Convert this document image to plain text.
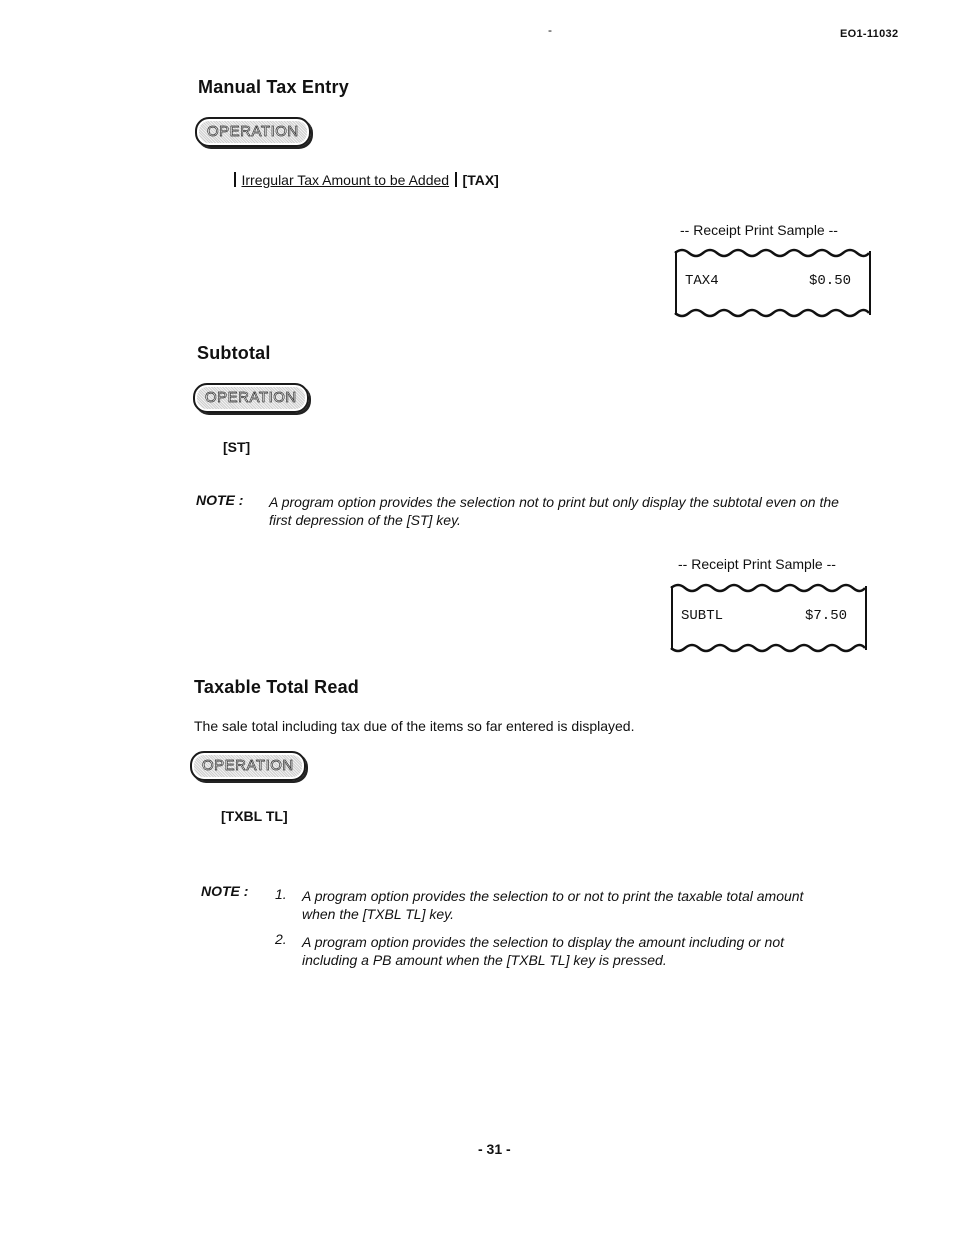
-	EO1-11032
Manual Tax Entry
OPERATION
Irregular Tax Amount to be Added [TAX]
-- Receipt Print Sample --
TAX4	$0.50
Subtotal
OPERATION
[ST]
NOTE : A program option provides the selection not to print but only display the subtotal even on the first depression of the [ST] key.
-- Receipt Print Sample --
SUBTL	$7.50
Taxable Total Read
The sale total including tax due of the items so far entered is displayed.
OPERATION
[TXBL TL]
NOTE : 1. A program option provides the selection to or not to print the taxable total amount when the [TXBL TL] key.
2. A program option provides the selection to display the amount including or not including a PB amount when the [TXBL TL] key is pressed.
- 31 -
